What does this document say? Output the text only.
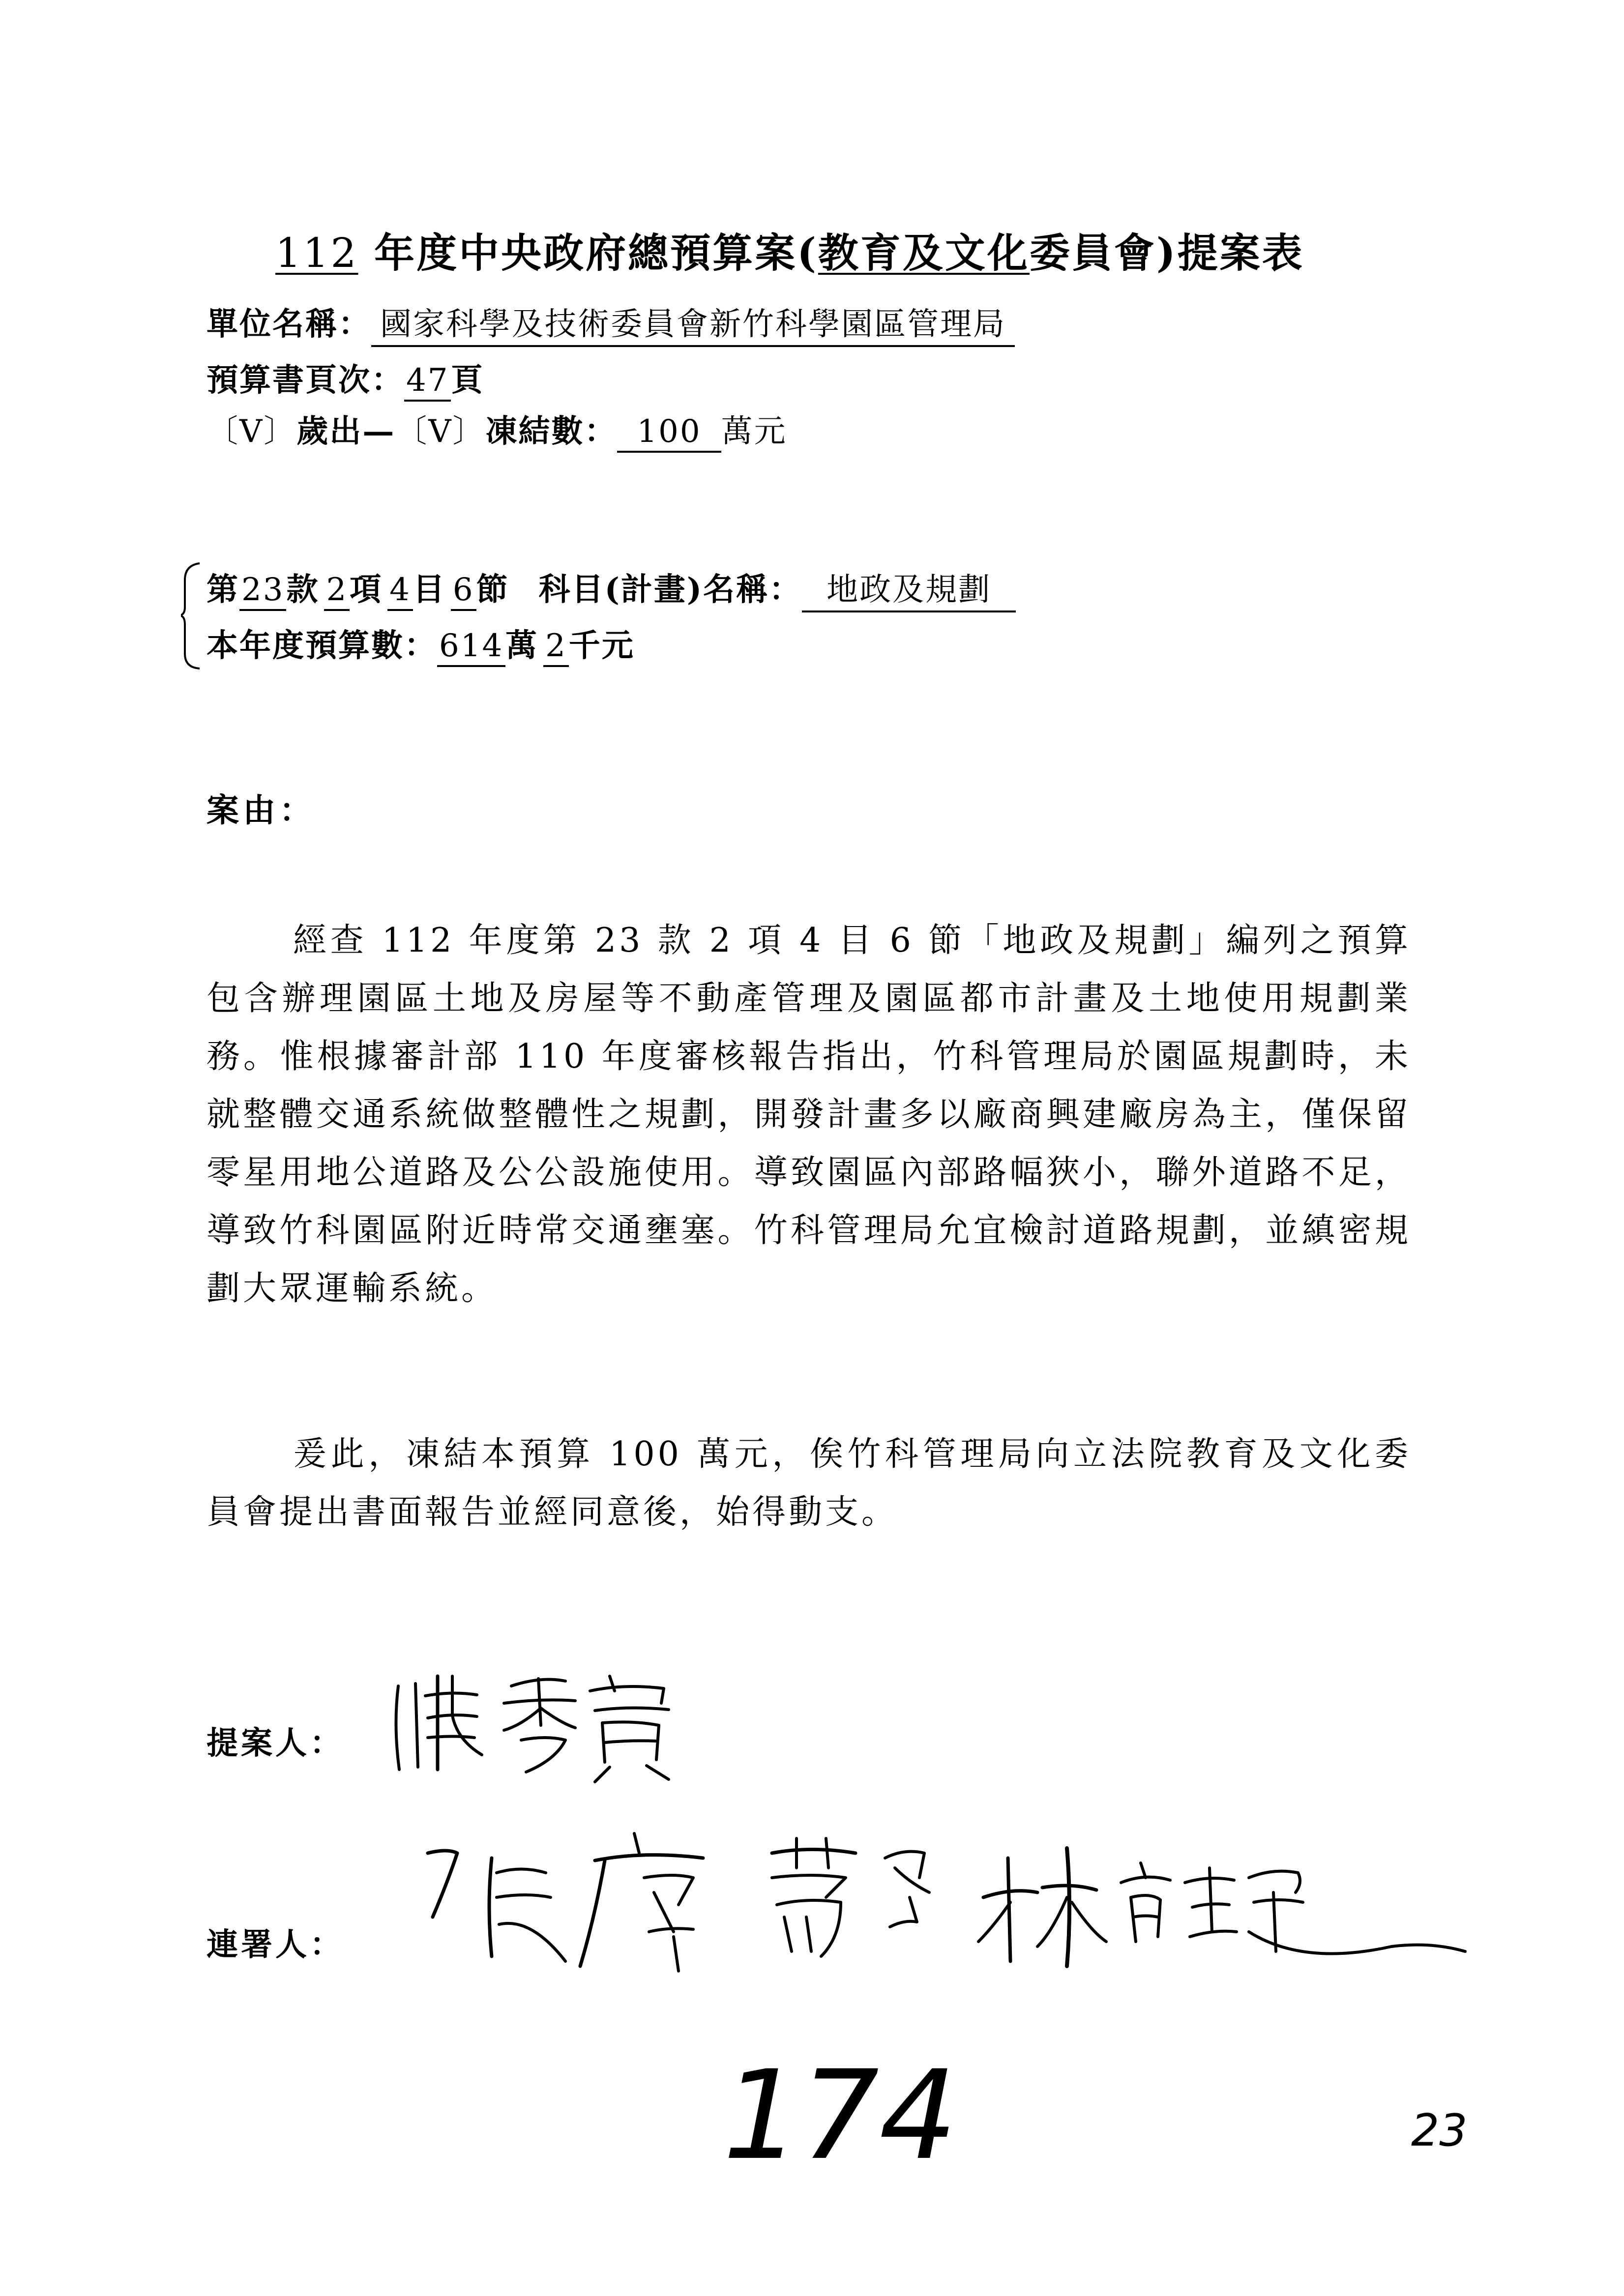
112 年度中央政府總預算案(教育及文化委員會)提案表
單位名稱： 國家科學及技術委員會新竹科學園區管理局
預算書頁次：47頁
〔V〕歲出—〔V〕凍結數： 100 萬元
第23款 2項 4目 6節 科目(計畫)名稱： 地政及規劃
本年度預算數：614萬 2千元
案由：
經查 112 年度第 23 款 2 項 4 目 6 節「地政及規劃」編列之預算包含辦理園區土地及房屋等不動產管理及園區都市計畫及土地使用規劃業務。惟根據審計部 110 年度審核報告指出，竹科管理局於園區規劃時，未就整體交通系統做整體性之規劃，開發計畫多以廠商興建廠房為主，僅保留零星用地公道路及公公設施使用。導致園區內部路幅狹小，聯外道路不足，導致竹科園區附近時常交通壅塞。竹科管理局允宜檢討道路規劃，並縝密規劃大眾運輸系統。
爰此，凍結本預算 100 萬元，俟竹科管理局向立法院教育及文化委員會提出書面報告並經同意後，始得動支。
提案人：
連署人：
174	23
